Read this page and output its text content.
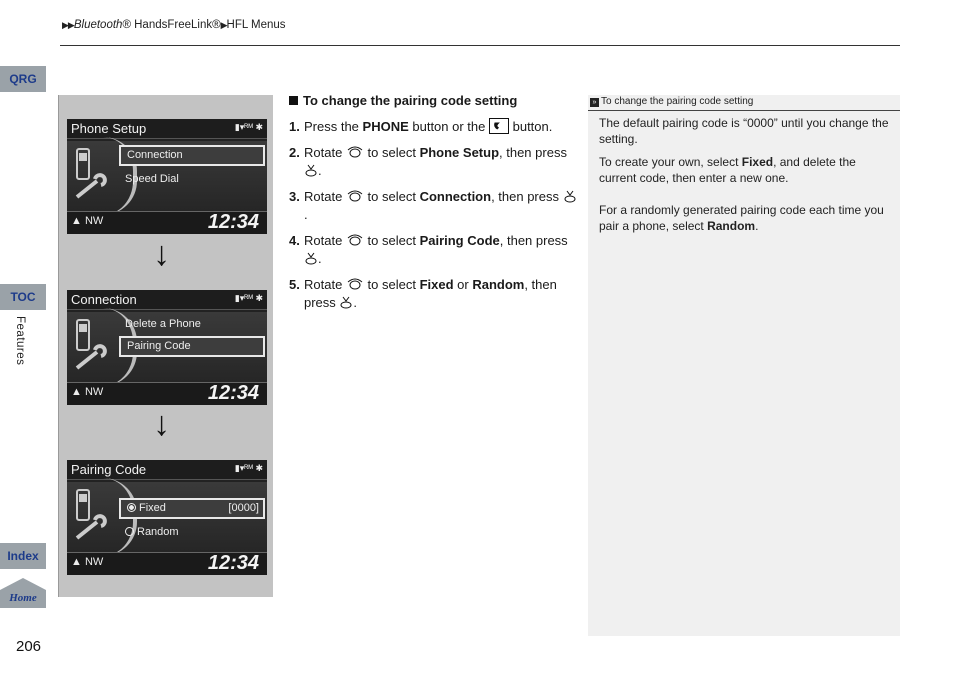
▶▶Bluetooth® HandsFreeLink®▶HFL Menus
QRG
TOC
Features
Index
Home
206
Phone Setup	▮▾ᴿᴹ ✱
Connection
Speed Dial
▲ NW	12:34
↓
Connection	▮▾ᴿᴹ ✱
Delete a Phone
Pairing Code
▲ NW	12:34
↓
Pairing Code	▮▾ᴿᴹ ✱
Fixed	[0000]
Random
▲ NW	12:34
To change the pairing code setting
1. Press the PHONE button or the
button.
2. Rotate  to select Phone Setup, then press .
3. Rotate  to select Connection, then press .
4. Rotate  to select Pairing Code, then press .
5. Rotate  to select Fixed or Random, then press .
» To change the pairing code setting
The default pairing code is “0000” until you change the setting.
To create your own, select Fixed, and delete the current code, then enter a new one.
For a randomly generated pairing code each time you pair a phone, select Random.
